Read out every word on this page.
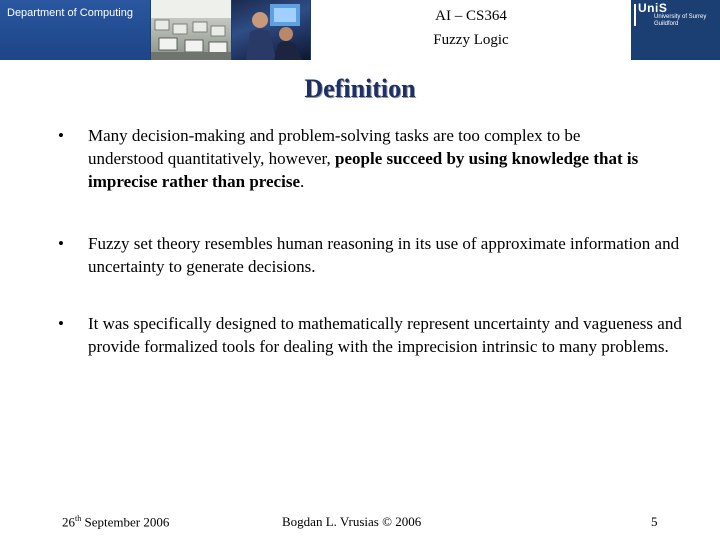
Department of Computing	AI – CS364
Fuzzy Logic
UniS
University of Surrey
Guildford
Definition
• Many decision-making and problem-solving tasks are too complex to be understood quantitatively, however, people succeed by using knowledge that is imprecise rather than precise.
• Fuzzy set theory resembles human reasoning in its use of approximate information and uncertainty to generate decisions.
• It was specifically designed to mathematically represent uncertainty and vagueness and provide formalized tools for dealing with the imprecision intrinsic to many problems.
26th September 2006	Bogdan L. Vrusias © 2006	5
